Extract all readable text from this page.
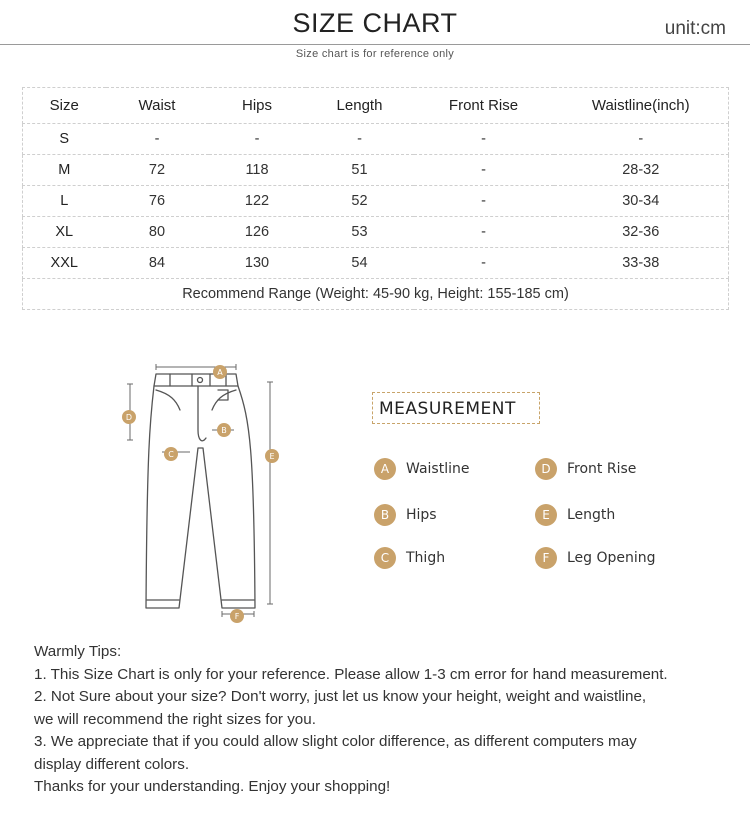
SIZE CHART	unit:cm
Size chart is for reference only
Size	Waist	Hips	Length	Front Rise	Waistline(inch)
S	-	-	-	-	-
M	72	118	51	-	28-32
L	76	122	52	-	30-34
XL	80	126	53	-	32-36
XXL	84	130	54	-	33-38
Recommend Range (Weight: 45-90 kg, Height: 155-185 cm)					
A
B
C
D
E
F
MEASUREMENT
A	Waistline
B	Hips
C	Thigh
D	Front Rise
E	Length
F	Leg Opening
Warmly Tips:
1. This Size Chart is only for your reference. Please allow 1-3 cm error for hand measurement.
2. Not Sure about your size? Don't worry, just let us know your height, weight and waistline,
we will recommend the right sizes for you.
3. We appreciate that if you could allow slight color difference, as different computers may
display different colors.
Thanks for your understanding. Enjoy your shopping!
